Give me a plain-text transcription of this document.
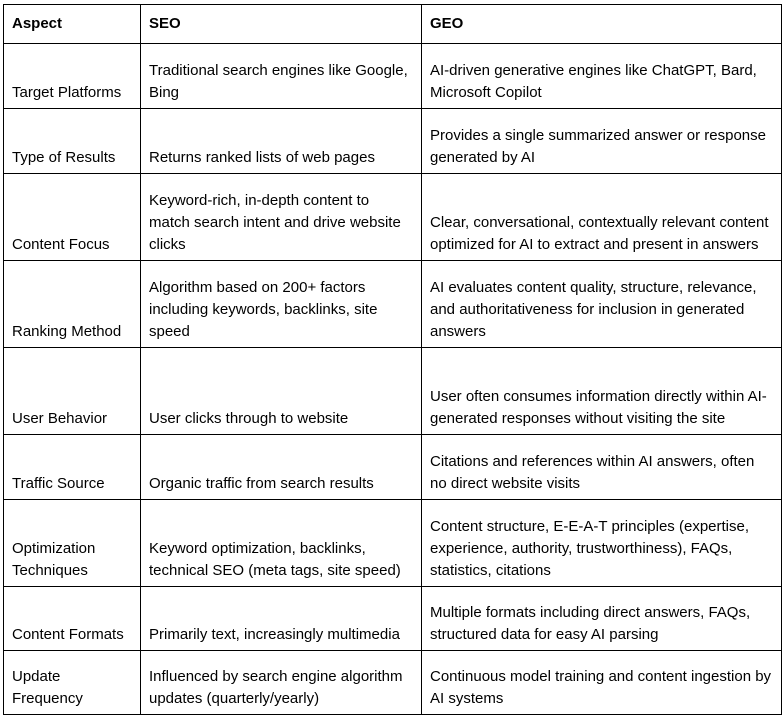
Aspect	SEO	GEO
Target Platforms	Traditional search engines like Google, Bing	AI-driven generative engines like ChatGPT, Bard, Microsoft Copilot
Type of Results	Returns ranked lists of web pages	Provides a single summarized answer or response generated by AI
Content Focus	Keyword-rich, in-depth content to match search intent and drive website clicks	Clear, conversational, contextually relevant content optimized for AI to extract and present in answers
Ranking Method	Algorithm based on 200+ factors including keywords, backlinks, site speed	AI evaluates content quality, structure, relevance, and authoritativeness for inclusion in generated answers
User Behavior	User clicks through to website	User often consumes information directly within AI-generated responses without visiting the site
Traffic Source	Organic traffic from search results	Citations and references within AI answers, often no direct website visits
Optimization Techniques	Keyword optimization, backlinks, technical SEO (meta tags, site speed)	Content structure, E-E-A-T principles (expertise, experience, authority, trustworthiness), FAQs, statistics, citations
Content Formats	Primarily text, increasingly multimedia	Multiple formats including direct answers, FAQs, structured data for easy AI parsing
Update Frequency	Influenced by search engine algorithm updates (quarterly/yearly)	Continuous model training and content ingestion by AI systems
